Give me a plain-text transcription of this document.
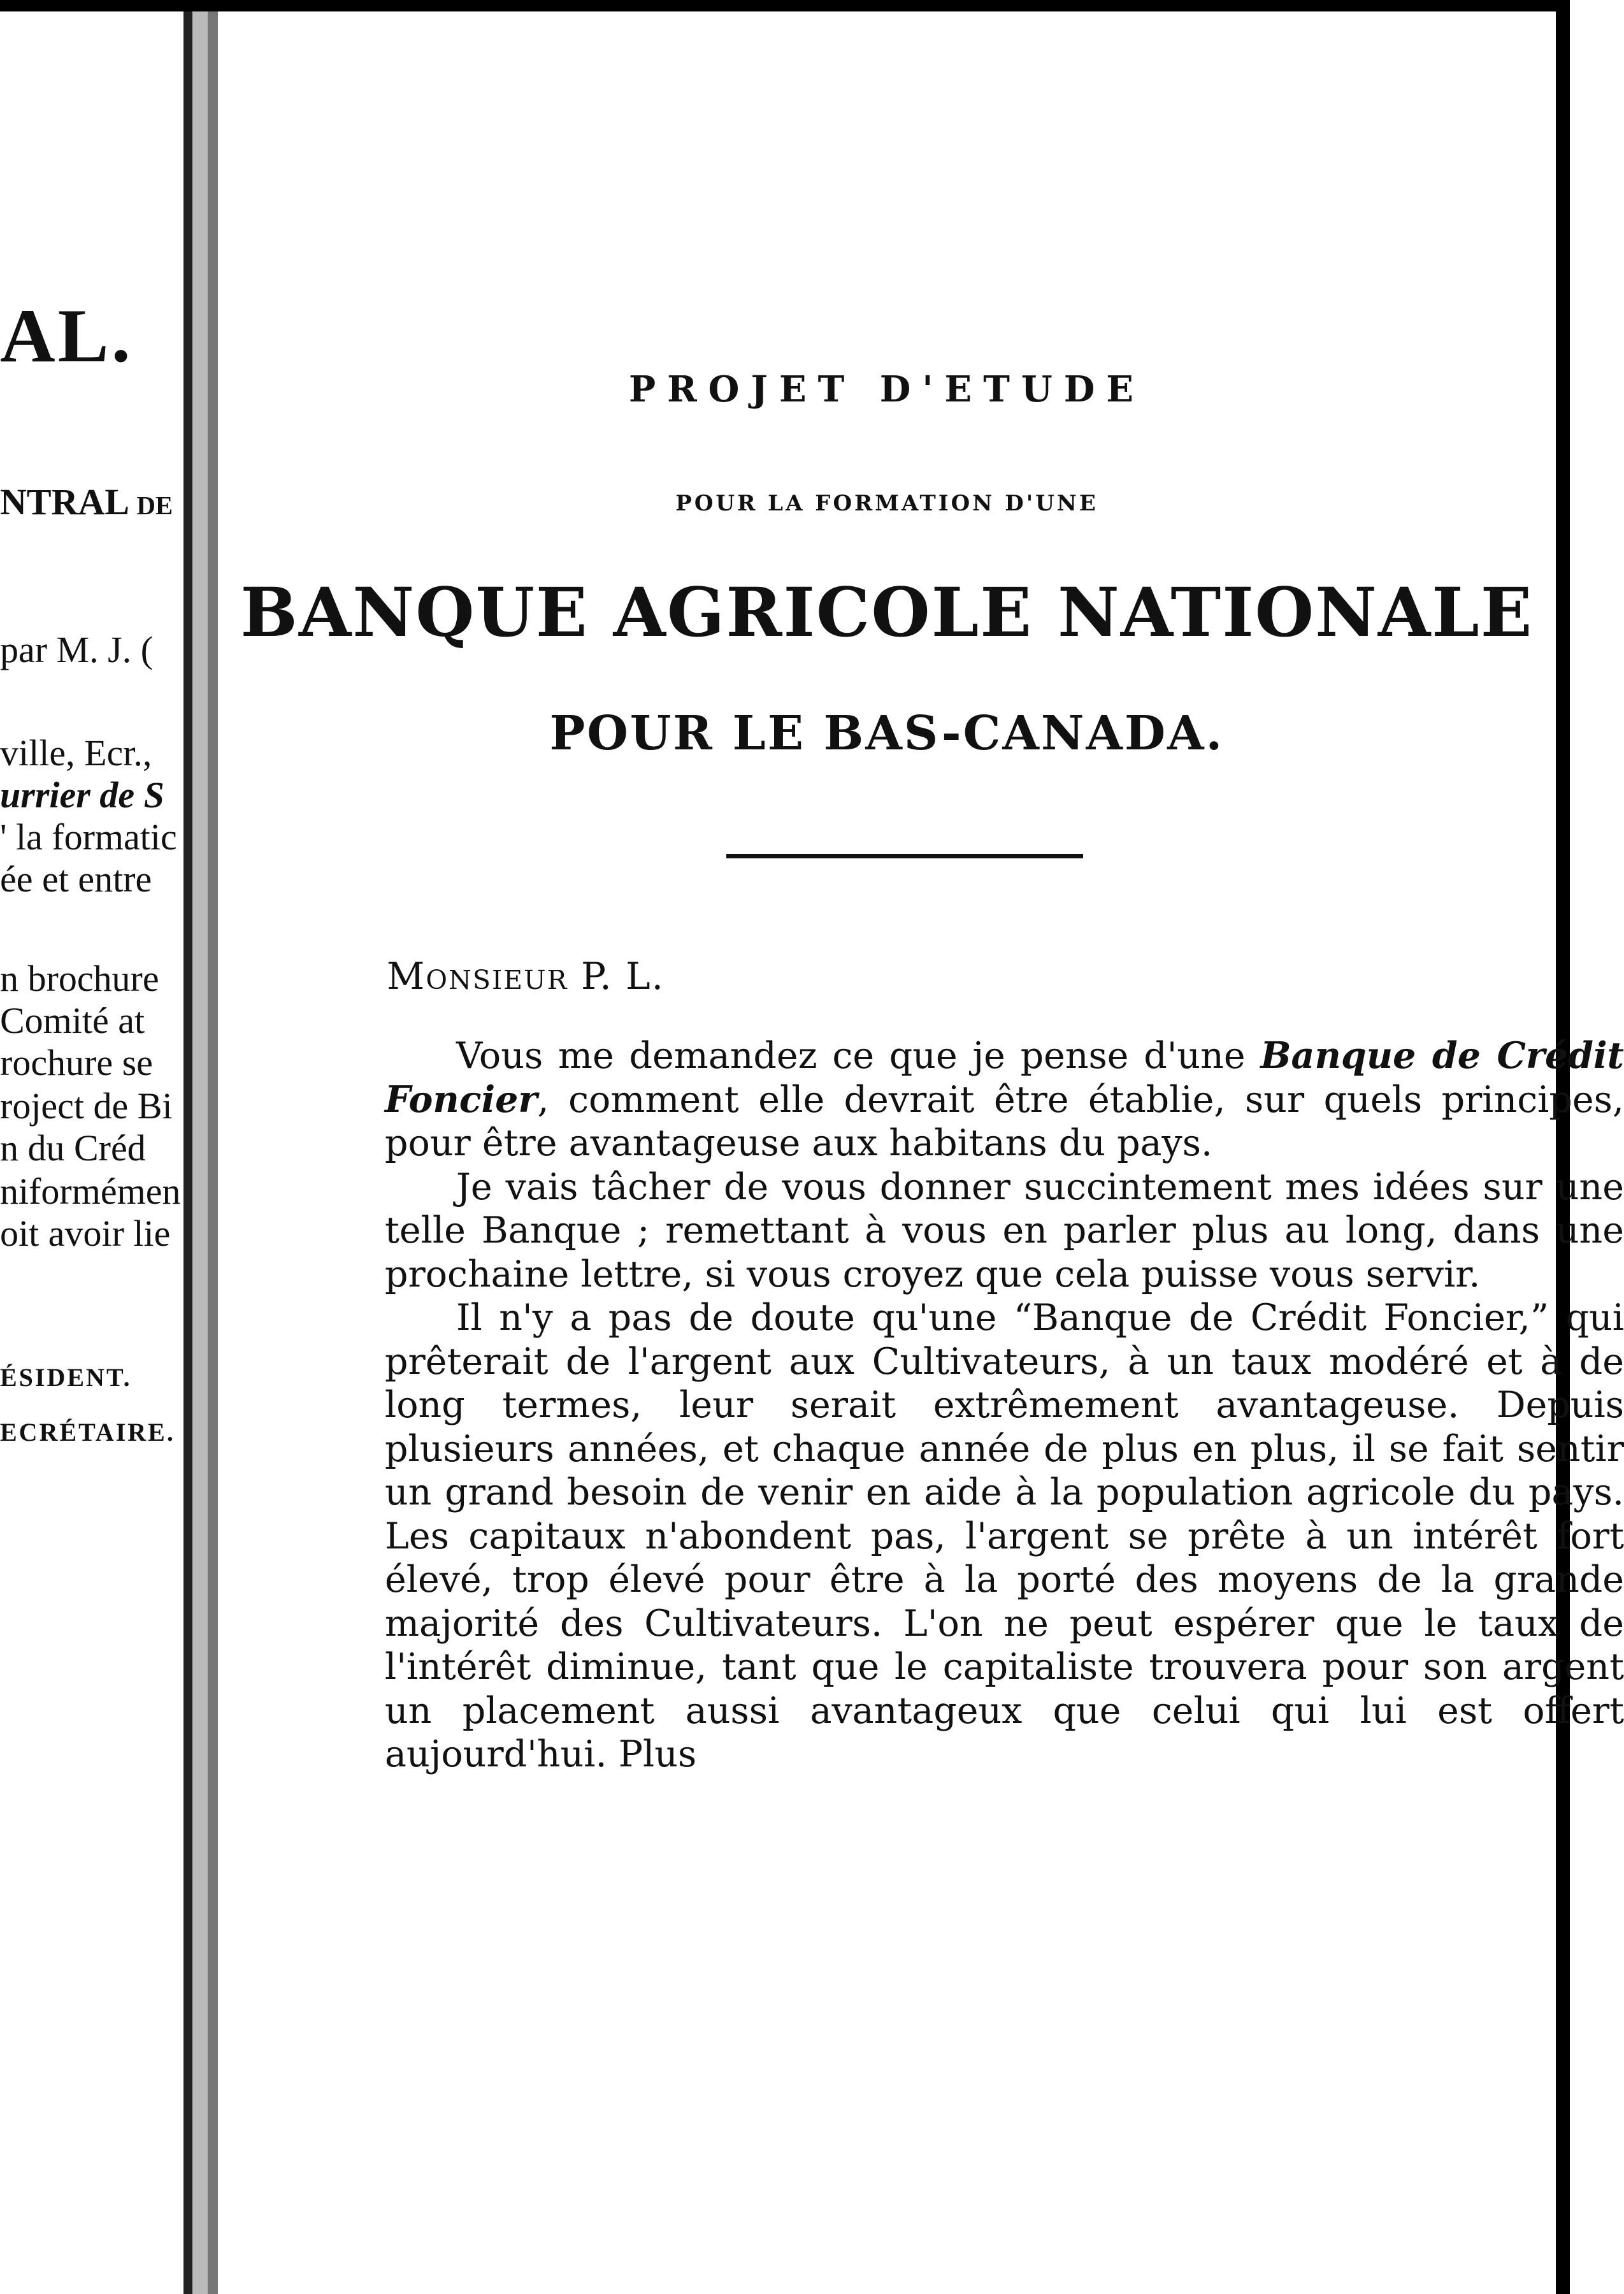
AL.
NTRAL de
par M. J. (
ville, Ecr.,
urrier de S
' la formatic
ée et entre
n brochure
Comité at
rochure se
roject de Bi
n du Créd
niformémen
oit avoir lie
ÉSIDENT.
ECRÉTAIRE.
PROJET D'ETUDE
POUR LA FORMATION D'UNE
BANQUE AGRICOLE NATIONALE
POUR LE BAS-CANADA.
Monsieur P. L.

Vous me demandez ce que je pense d'une Banque de Crédit Foncier, comment elle devrait être établie, sur quels principes, pour être avantageuse aux habitans du pays.

Je vais tâcher de vous donner succintement mes idées sur une telle Banque ; remettant à vous en parler plus au long, dans une prochaine lettre, si vous croyez que cela puisse vous servir.

Il n'y a pas de doute qu'une “Banque de Crédit Foncier,” qui prêterait de l'argent aux Cultivateurs, à un taux modéré et à de long termes, leur serait extrêmement avantageuse. Depuis plusieurs années, et chaque année de plus en plus, il se fait sentir un grand besoin de venir en aide à la population agricole du pays. Les capitaux n'abondent pas, l'argent se prête à un intérêt fort élevé, trop élevé pour être à la porté des moyens de la grande majorité des Cultivateurs. L'on ne peut espérer que le taux de l'intérêt diminue, tant que le capitaliste trouvera pour son argent un placement aussi avantageux que celui qui lui est offert aujourd'hui. Plus
